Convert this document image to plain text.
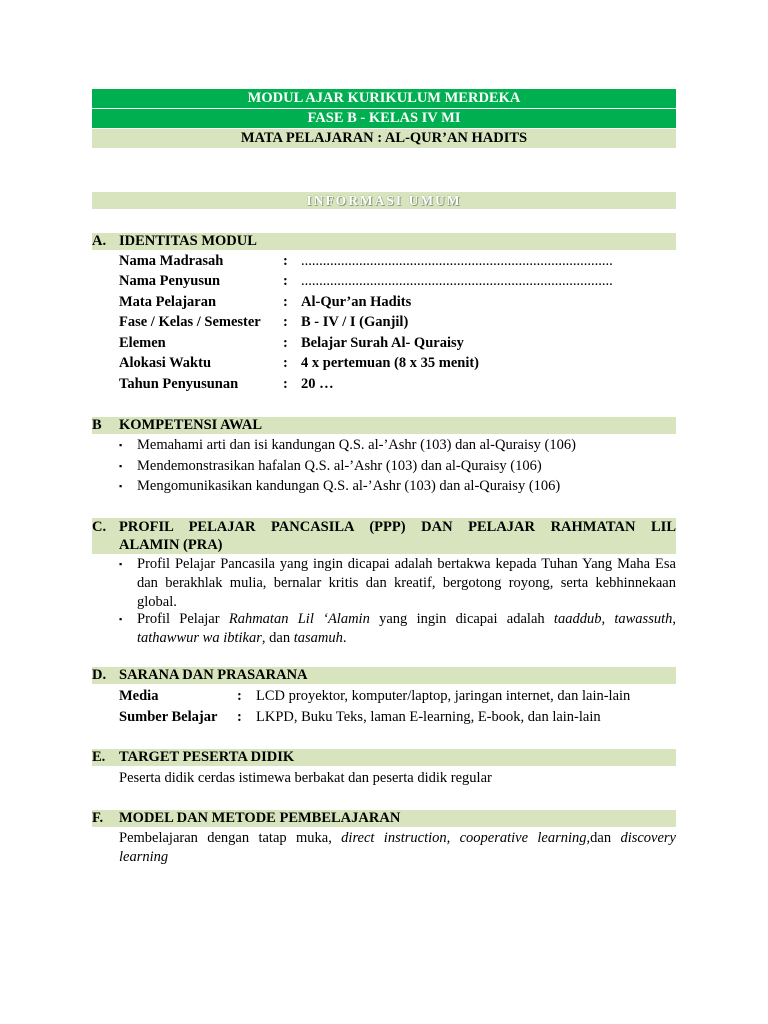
MODUL AJAR KURIKULUM MERDEKA
FASE B - KELAS IV MI
MATA PELAJARAN : AL-QUR’AN HADITS
INFORMASI UMUM
A. IDENTITAS MODUL
Nama Madrasah	: ......................................................................................
Nama Penyusun	: ......................................................................................
Mata Pelajaran	: Al-Qur’an Hadits
Fase / Kelas / Semester : B - IV / I (Ganjil)
Elemen	: Belajar Surah Al- Quraisy
Alokasi Waktu	: 4 x pertemuan (8 x 35 menit)
Tahun Penyusunan	: 20 …
B KOMPETENSI AWAL
▪ Memahami arti dan isi kandungan Q.S. al-’Ashr (103) dan al-Quraisy (106)
▪ Mendemonstrasikan hafalan Q.S. al-’Ashr (103) dan al-Quraisy (106)
▪ Mengomunikasikan kandungan Q.S. al-’Ashr (103) dan al-Quraisy (106)
C. PROFIL PELAJAR PANCASILA (PPP) DAN PELAJAR RAHMATAN LIL
ALAMIN (PRA)
▪ Profil Pelajar Pancasila yang ingin dicapai adalah bertakwa kepada Tuhan Yang Maha Esa dan berakhlak mulia, bernalar kritis dan kreatif, bergotong royong, serta kebhinnekaan global.
▪ Profil Pelajar Rahmatan Lil ‘Alamin yang ingin dicapai adalah taaddub, tawassuth, tathawwur wa ibtikar, dan tasamuh.
D. SARANA DAN PRASARANA
Media	: LCD proyektor, komputer/laptop, jaringan internet, dan lain-lain
Sumber Belajar : LKPD, Buku Teks, laman E-learning, E-book, dan lain-lain
E. TARGET PESERTA DIDIK
Peserta didik cerdas istimewa berbakat dan peserta didik regular
F. MODEL DAN METODE PEMBELAJARAN
Pembelajaran dengan tatap muka, direct instruction, cooperative learning,dan discovery learning
